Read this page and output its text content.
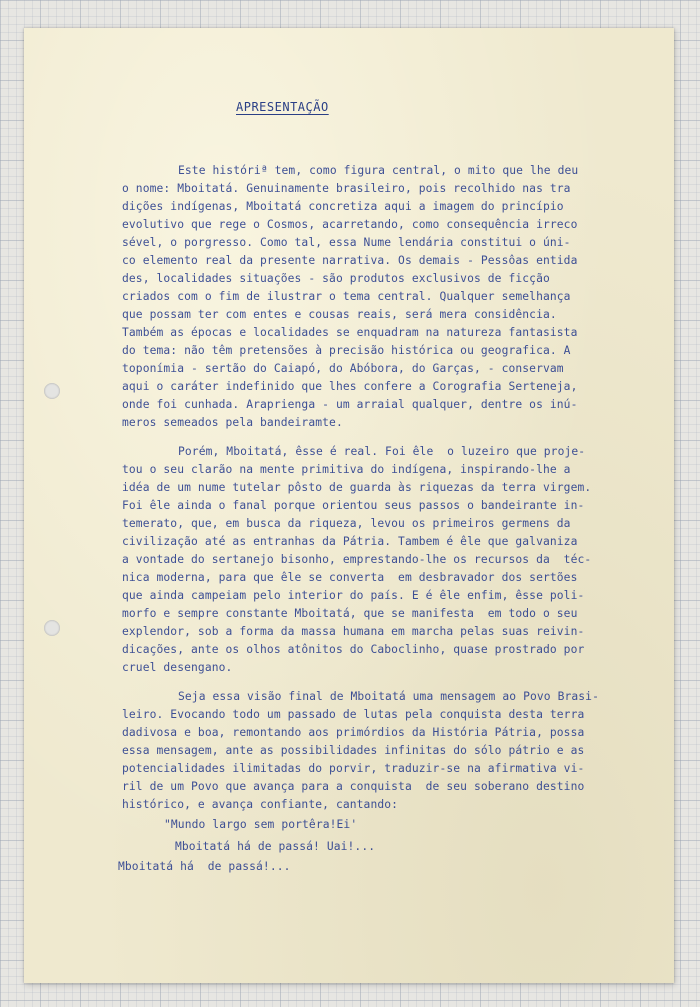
APRESENTAÇÃO
Este históriª tem, como figura central, o mito que lhe deu
o nome: Mboitatá. Genuinamente brasileiro, pois recolhido nas tra
dições indígenas, Mboitatá concretiza aqui a imagem do princípio
evolutivo que rege o Cosmos, acarretando, como consequência irreco
sével, o porgresso. Como tal, essa Nume lendária constitui o úni-
co elemento real da presente narrativa. Os demais - Pessôas entida
des, localidades situações - são produtos exclusivos de ficção
criados com o fim de ilustrar o tema central. Qualquer semelhança
que possam ter com entes e cousas reais, será mera considência.
Também as épocas e localidades se enquadram na natureza fantasista
do tema: não têm pretensões à precisão histórica ou geografica. A
toponímia - sertão do Caiapó, do Abóbora, do Garças, - conservam
aqui o caráter indefinido que lhes confere a Corografia Serteneja,
onde foi cunhada. Araprienga - um arraial qualquer, dentre os inú-
meros semeados pela bandeiramte.
Porém, Mboitatá, êsse é real. Foi êle  o luzeiro que proje-
tou o seu clarão na mente primitiva do indígena, inspirando-lhe a
idéa de um nume tutelar pôsto de guarda às riquezas da terra virgem.
Foi êle ainda o fanal porque orientou seus passos o bandeirante in-
temerato, que, em busca da riqueza, levou os primeiros germens da
civilização até as entranhas da Pátria. Tambem é êle que galvaniza
a vontade do sertanejo bisonho, emprestando-lhe os recursos da  téc-
nica moderna, para que êle se converta  em desbravador dos sertões
que ainda campeiam pelo interior do país. E é êle enfim, êsse poli-
morfo e sempre constante Mboitatá, que se manifesta  em todo o seu
explendor, sob a forma da massa humana em marcha pelas suas reivin-
dicações, ante os olhos atônitos do Caboclinho, quase prostrado por
cruel desengano.
Seja essa visão final de Mboitatá uma mensagem ao Povo Brasi-
leiro. Evocando todo um passado de lutas pela conquista desta terra
dadivosa e boa, remontando aos primórdios da História Pátria, possa
essa mensagem, ante as possibilidades infinitas do sólo pátrio e as
potencialidades ilimitadas do porvir, traduzir-se na afirmativa vi-
ril de um Povo que avança para a conquista  de seu soberano destino
histórico, e avança confiante, cantando:
"Mundo largo sem portêra!Ei'
Mboitatá há de passá! Uai!...
Mboitatá há  de passá!...
